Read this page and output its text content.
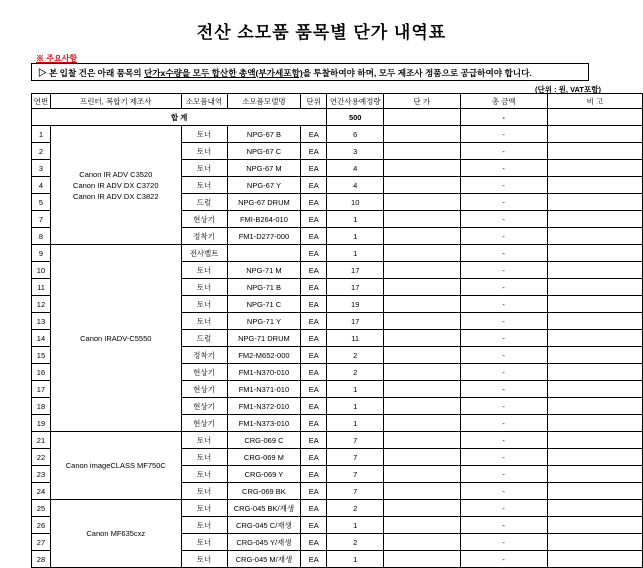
전산 소모품 품목별 단가 내역표
※ 주요사항
▷ 본 입찰 건은 아래 품목의 단가x수량을 모두 합산한 총액(부가세포함)을 투찰하여야 하며, 모두 제조사 정품으로 공급하여야 합니다.
(단위 : 원, VAT포함)
연번	프린터, 복합기 제조사	소모품내역	소모품모델명	단위	연간사용예정량	단 가	총 금액	비 고
합 계					500		-	
1	Canon IR ADV C3520
Canon IR ADV DX C3720
Canon IR ADV DX C3822	토너	NPG-67 B	EA	6		-	
2		토너	NPG-67 C	EA	3		-	
3		토너	NPG-67 M	EA	4		-	
4		토너	NPG-67 Y	EA	4		-	
5		드럼	NPG-67 DRUM	EA	10		-	
7		현상기	FMI-B264-010	EA	1		-	
8		정착기	FM1-D277-000	EA	1		-	
9	Canon IRADV-C5550	전사벨트		EA	1		-	
10		토너	NPG-71 M	EA	17		-	
11		토너	NPG-71 B	EA	17		-	
12		토너	NPG-71 C	EA	19		-	
13		토너	NPG-71 Y	EA	17		-	
14		드럼	NPG-71 DRUM	EA	11		-	
15		정착기	FM2-M652-000	EA	2		-	
16		현상기	FM1-N370-010	EA	2		-	
17		현상기	FM1-N371-010	EA	1		-	
18		현상기	FM1-N372-010	EA	1		-	
19		현상기	FM1-N373-010	EA	1		-	
21	Canon imageCLASS MF750C	토너	CRG-069 C	EA	7		-	
22		토너	CRG-069 M	EA	7		-	
23		토너	CRG-069 Y	EA	7		-	
24		토너	CRG-069 BK	EA	7		-	
25	Canon MF635cxz	토너	CRG-045 BK/재생	EA	2		-	
26		토너	CRG-045 C/재생	EA	1		-	
27		토너	CRG-045 Y/재생	EA	2		-	
28		토너	CRG-045 M/재생	EA	1		-	
